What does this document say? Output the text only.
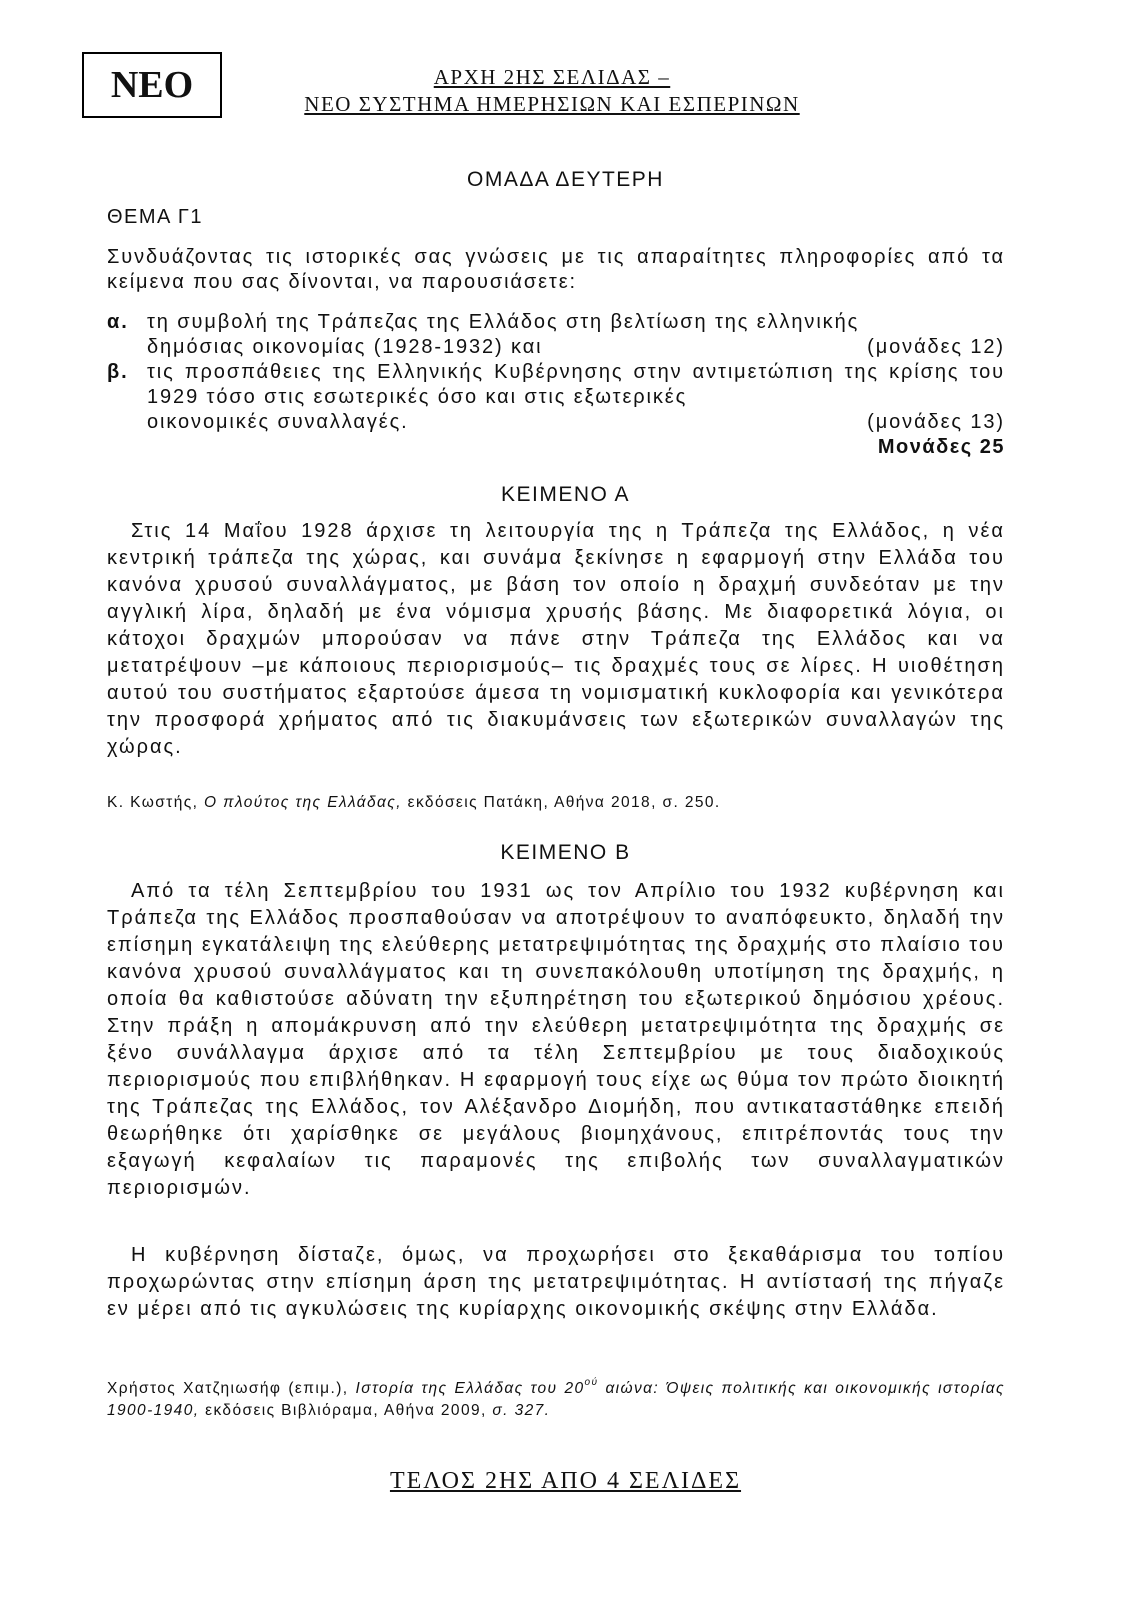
ΝΕΟ	ΑΡΧΗ 2ΗΣ ΣΕΛΙΔΑΣ –
ΝΕΟ ΣΥΣΤΗΜΑ ΗΜΕΡΗΣΙΩΝ ΚΑΙ ΕΣΠΕΡΙΝΩΝ
ΟΜΑΔΑ ΔΕΥΤΕΡΗ
ΘΕΜΑ Γ1
Συνδυάζοντας τις ιστορικές σας γνώσεις με τις απαραίτητες πληροφορίες από τα κείμενα που σας δίνονται, να παρουσιάσετε:
α. τη συμβολή της Τράπεζας της Ελλάδος στη βελτίωση της ελληνικής
δημόσιας οικονομίας (1928-1932) και	(μονάδες 12)
β. τις προσπάθειες της Ελληνικής Κυβέρνησης στην αντιμετώπιση της κρίσης του 1929 τόσο στις εσωτερικές όσο και στις εξωτερικές
οικονομικές συναλλαγές.	(μονάδες 13)
Μονάδες 25
ΚΕΙΜΕΝΟ Α
Στις 14 Μαΐου 1928 άρχισε τη λειτουργία της η Τράπεζα της Ελλάδος, η νέα κεντρική τράπεζα της χώρας, και συνάμα ξεκίνησε η εφαρμογή στην Ελλάδα του κανόνα χρυσού συναλλάγματος, με βάση τον οποίο η δραχμή συνδεόταν με την αγγλική λίρα, δηλαδή με ένα νόμισμα χρυσής βάσης. Με διαφορετικά λόγια, οι κάτοχοι δραχμών μπορούσαν να πάνε στην Τράπεζα της Ελλάδος και να μετατρέψουν –με κάποιους περιορισμούς– τις δραχμές τους σε λίρες. Η υιοθέτηση αυτού του συστήματος εξαρτούσε άμεσα τη νομισματική κυκλοφορία και γενικότερα την προσφορά χρήματος από τις διακυμάνσεις των εξωτερικών συναλλαγών της χώρας.
Κ. Κωστής, Ο πλούτος της Ελλάδας, εκδόσεις Πατάκη, Αθήνα 2018, σ. 250.
ΚΕΙΜΕΝΟ Β
Από τα τέλη Σεπτεμβρίου του 1931 ως τον Απρίλιο του 1932 κυβέρνηση και Τράπεζα της Ελλάδος προσπαθούσαν να αποτρέψουν το αναπόφευκτο, δηλαδή την επίσημη εγκατάλειψη της ελεύθερης μετατρεψιμότητας της δραχμής στο πλαίσιο του κανόνα χρυσού συναλλάγματος και τη συνεπακόλουθη υποτίμηση της δραχμής, η οποία θα καθιστούσε αδύνατη την εξυπηρέτηση του εξωτερικού δημόσιου χρέους. Στην πράξη η απομάκρυνση από την ελεύθερη μετατρεψιμότητα της δραχμής σε ξένο συνάλλαγμα άρχισε από τα τέλη Σεπτεμβρίου με τους διαδοχικούς περιορισμούς που επιβλήθηκαν. Η εφαρμογή τους είχε ως θύμα τον πρώτο διοικητή της Τράπεζας της Ελλάδος, τον Αλέξανδρο Διομήδη, που αντικαταστάθηκε επειδή θεωρήθηκε ότι χαρίσθηκε σε μεγάλους βιομηχάνους, επιτρέποντάς τους την εξαγωγή κεφαλαίων τις παραμονές της επιβολής των συναλλαγματικών περιορισμών.
Η κυβέρνηση δίσταζε, όμως, να προχωρήσει στο ξεκαθάρισμα του τοπίου προχωρώντας στην επίσημη άρση της μετατρεψιμότητας. Η αντίστασή της πήγαζε εν μέρει από τις αγκυλώσεις της κυρίαρχης οικονομικής σκέψης στην Ελλάδα.
Χρήστος Χατζηιωσήφ (επιμ.), Ιστορία της Ελλάδας του $20^{oύ}$ αιώνα: Όψεις πολιτικής και οικονομικής ιστορίας 1900-1940, εκδόσεις Βιβλιόραμα, Αθήνα 2009, σ. 327.
ΤΕΛΟΣ 2ΗΣ ΑΠΟ 4 ΣΕΛΙΔΕΣ
